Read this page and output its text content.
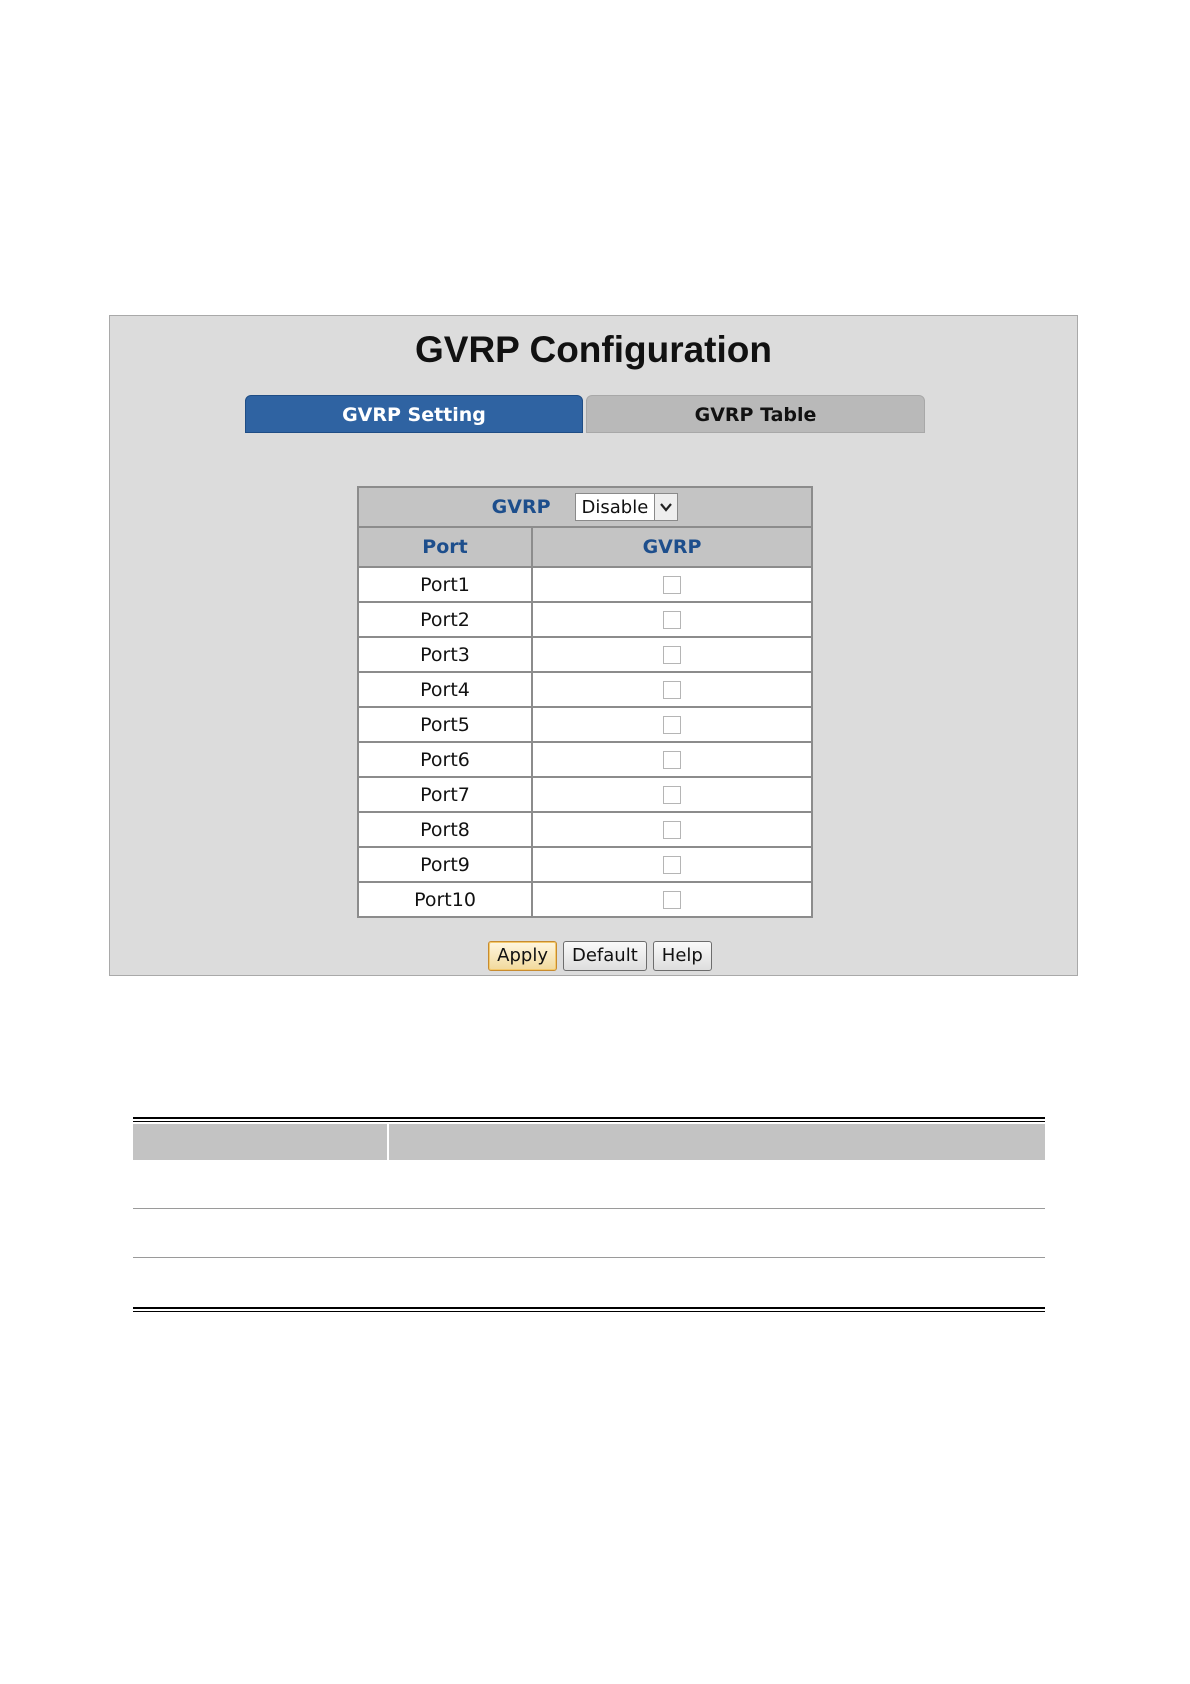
GVRP Configuration
GVRP Setting	GVRP Table
GVRP Disable	

Port	GVRP
Port1	
Port2	
Port3	
Port4	
Port5	
Port6	
Port7	
Port8	
Port9	
Port10	
Apply	Default	Help
